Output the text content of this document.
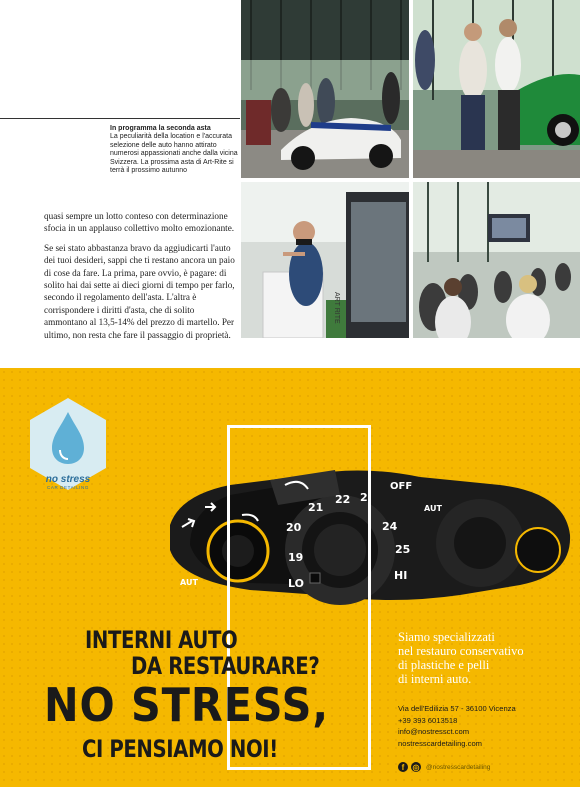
In programma la seconda asta
La peculiarità della location e l'accurata selezione delle auto hanno attirato numerosi appassionati anche dalla vicina Svizzera. La prossima asta di Art-Rite si terrà il prossimo autunno

quasi sempre un lotto conteso con determinazione sfocia in un applauso collettivo molto emozionante.

Se sei stato abbastanza bravo da aggiudicarti l'auto dei tuoi desideri, sappi che ti restano ancora un paio di cose da fare. La prima, pare ovvio, è pagare: di solito hai dai sette ai dieci giorni di tempo per farlo, secondo il regolamento dell'asta. L'altra è corrispondere i diritti d'asta, che di solito ammontano al 13,5-14% del prezzo di martello. Per ultimo, non resta che fare il passaggio di proprietà.

ART RITE
no stress
CAR DETAILING
20
21
22 2
19
LO
24
25
HI
OFF
AUT
AUT
INTERNI AUTO
DA RESTAURARE?
NO STRESS,
CI PENSIAMO NOI!
Siamo specializzati
nel restauro conservativo
di plastiche e pelli
di interni auto.
Via dell'Edilizia 57 - 36100 Vicenza
+39 393 6013518
info@nostressct.com
nostresscardetailing.com
f	◎ @nostresscardetailing
